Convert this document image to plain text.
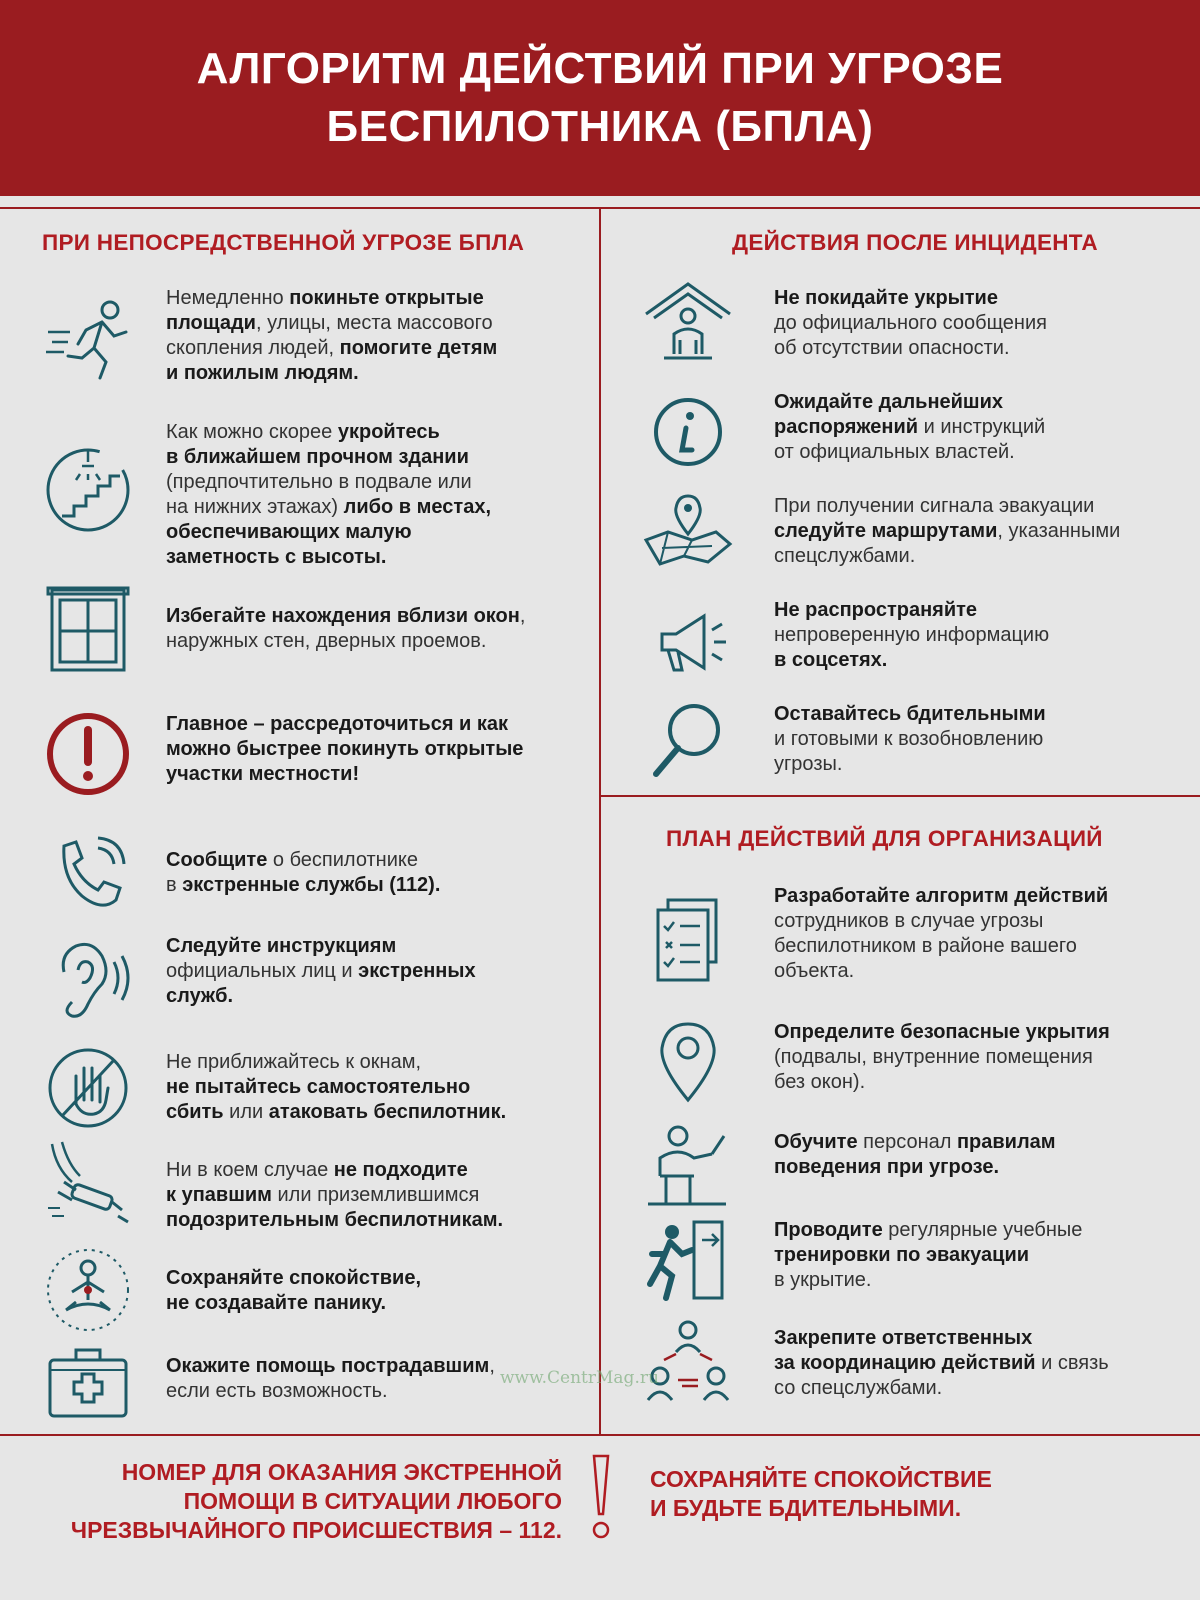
АЛГОРИТМ ДЕЙСТВИЙ ПРИ УГРОЗЕ
БЕСПИЛОТНИКА (БПЛА)
ПРИ НЕПОСРЕДСТВЕННОЙ УГРОЗЕ БПЛА	ДЕЙСТВИЯ ПОСЛЕ ИНЦИДЕНТА
ПЛАН ДЕЙСТВИЙ ДЛЯ ОРГАНИЗАЦИЙ

Немедленно покиньте открытые

площади, улицы, места массового

скопления людей, помогите детям

и пожилым людям.

Как можно скорее укройтесь

в ближайшем прочном здании

(предпочтительно в подвале или

на нижних этажах) либо в местах,

обеспечивающих малую

заметность с высоты.

Избегайте нахождения вблизи окон,

наружных стен, дверных проемов.

Главное – рассредоточиться и как

можно быстрее покинуть открытые

участки местности!

Сообщите о беспилотнике

в экстренные службы (112).

Следуйте инструкциям

официальных лиц и экстренных

служб.

Не приближайтесь к окнам,

не пытайтесь самостоятельно

сбить или атаковать беспилотник.

Ни в коем случае не подходите

к упавшим или приземлившимся

подозрительным беспилотникам.

Сохраняйте спокойствие,

не создавайте панику.

Окажите помощь пострадавшим,

если есть возможность.

Не покидайте укрытие

до официального сообщения

об отсутствии опасности.

Ожидайте дальнейших

распоряжений и инструкций

от официальных властей.

При получении сигнала эвакуации

следуйте маршрутами, указанными

спецслужбами.

Не распространяйте

непроверенную информацию

в соцсетях.

Оставайтесь бдительными

и готовыми к возобновлению

угрозы.

Разработайте алгоритм действий

сотрудников в случае угрозы

беспилотником в районе вашего

объекта.

Определите безопасные укрытия

(подвалы, внутренние помещения

без окон).

Обучите персонал правилам

поведения при угрозе.

Проводите регулярные учебные

тренировки по эвакуации

в укрытие.

Закрепите ответственных

за координацию действий и связь

со спецслужбами.

www.CentrMag.ru
НОМЕР ДЛЯ ОКАЗАНИЯ ЭКСТРЕННОЙ
ПОМОЩИ В СИТУАЦИИ ЛЮБОГО
ЧРЕЗВЫЧАЙНОГО ПРОИСШЕСТВИЯ – 112.
СОХРАНЯЙТЕ СПОКОЙСТВИЕ
И БУДЬТЕ БДИТЕЛЬНЫМИ.
